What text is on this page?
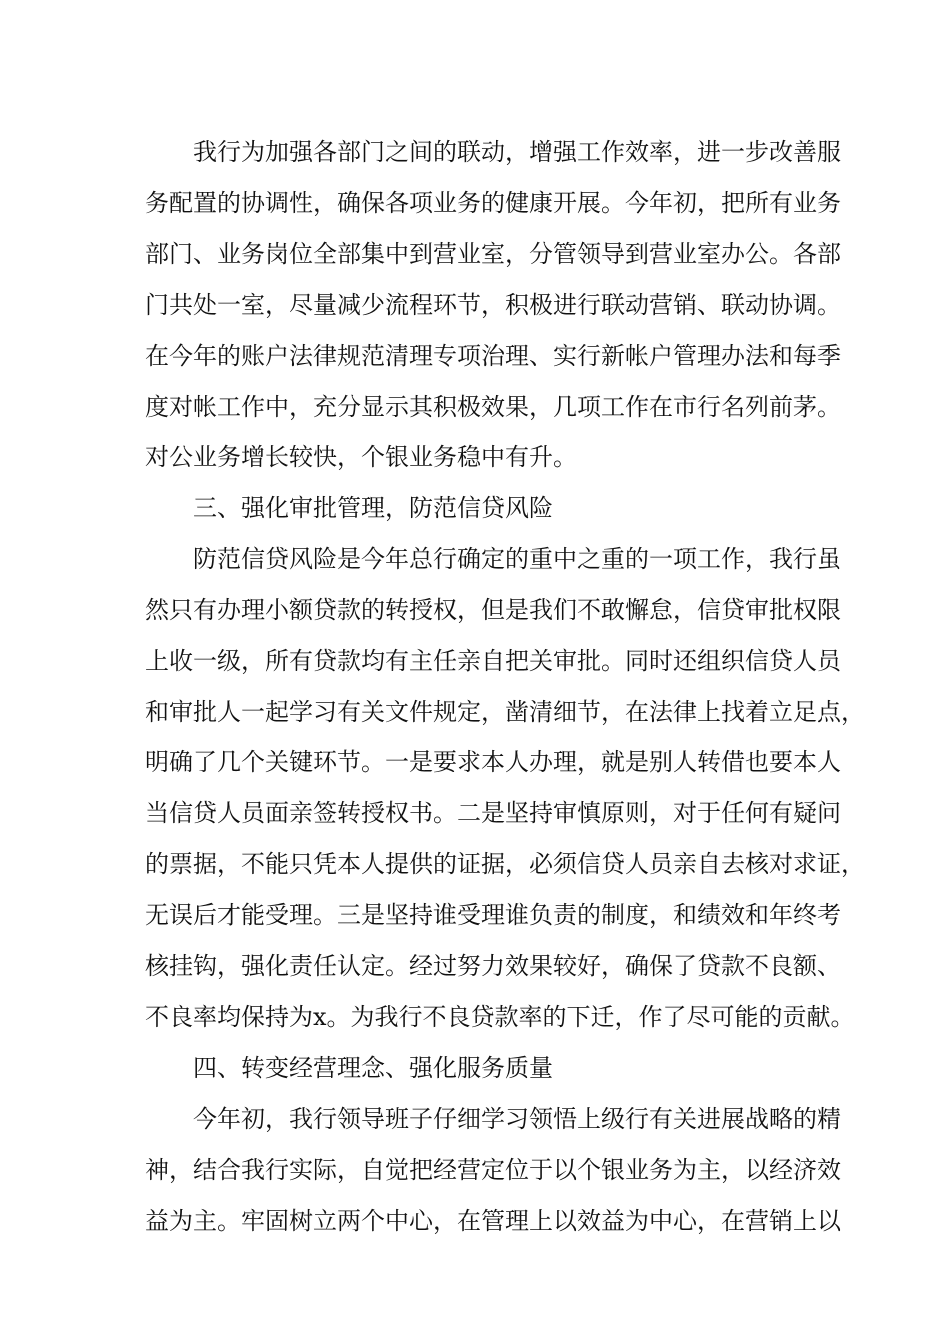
我行为加强各部门之间的联动，增强工作效率，进一步改善服
务配置的协调性，确保各项业务的健康开展。今年初，把所有业务
部门、业务岗位全部集中到营业室，分管领导到营业室办公。各部
门共处一室，尽量减少流程环节，积极进行联动营销、联动协调。
在今年的账户法律规范清理专项治理、实行新帐户管理办法和每季
度对帐工作中，充分显示其积极效果，几项工作在市行名列前茅。
对公业务增长较快，个银业务稳中有升。
三、强化审批管理，防范信贷风险
防范信贷风险是今年总行确定的重中之重的一项工作，我行虽
然只有办理小额贷款的转授权，但是我们不敢懈怠，信贷审批权限
上收一级，所有贷款均有主任亲自把关审批。同时还组织信贷人员
和审批人一起学习有关文件规定，凿清细节，在法律上找着立足点，
明确了几个关键环节。一是要求本人办理，就是别人转借也要本人
当信贷人员面亲签转授权书。二是坚持审慎原则，对于任何有疑问
的票据，不能只凭本人提供的证据，必须信贷人员亲自去核对求证，
无误后才能受理。三是坚持谁受理谁负责的制度，和绩效和年终考
核挂钩，强化责任认定。经过努力效果较好，确保了贷款不良额、
不良率均保持为x。为我行不良贷款率的下迁，作了尽可能的贡献。
四、转变经营理念、强化服务质量
今年初，我行领导班子仔细学习领悟上级行有关进展战略的精
神，结合我行实际，自觉把经营定位于以个银业务为主，以经济效
益为主。牢固树立两个中心，在管理上以效益为中心，在营销上以
